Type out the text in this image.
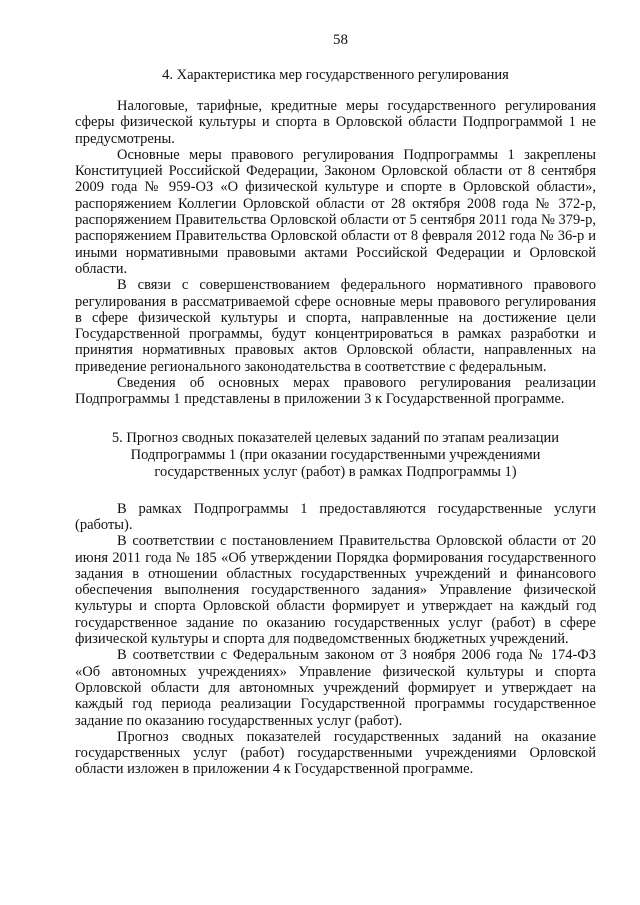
58
4. Характеристика мер государственного регулирования

Налоговые, тарифные, кредитные меры государственного регулирования сферы физической культуры и спорта в Орловской области Подпрограммой 1 не предусмотрены.

Основные меры правового регулирования Подпрограммы 1 закреплены Конституцией Российской Федерации, Законом Орловской области от 8 сентября 2009 года № 959-ОЗ «О физической культуре и спорте в Орловской области», распоряжением Коллегии Орловской области от 28 октября 2008 года № 372-р, распоряжением Правительства Орловской области от 5 сентября 2011 года № 379-р, распоряжением Правительства Орловской области от 8 февраля 2012 года № 36-р и иными нормативными правовыми актами Российской Федерации и Орловской области.

В связи с совершенствованием федерального нормативного правового регулирования в рассматриваемой сфере основные меры правового регулирования в сфере физической культуры и спорта, направленные на достижение цели Государственной программы, будут концентрироваться в рамках разработки и принятия нормативных правовых актов Орловской области, направленных на приведение регионального законодательства в соответствие с федеральным.

Сведения об основных мерах правового регулирования реализации Подпрограммы 1 представлены в приложении 3 к Государственной программе.

5. Прогноз сводных показателей целевых заданий по этапам реализации
Подпрограммы 1 (при оказании государственными учреждениями
государственных услуг (работ) в рамках Подпрограммы 1)

В рамках Подпрограммы 1 предоставляются государственные услуги (работы).

В соответствии с постановлением Правительства Орловской области от 20 июня 2011 года № 185 «Об утверждении Порядка формирования государственного задания в отношении областных государственных учреждений и финансового обеспечения выполнения государственного задания» Управление физической культуры и спорта Орловской области формирует и утверждает на каждый год государственное задание по оказанию государственных услуг (работ) в сфере физической культуры и спорта для подведомственных бюджетных учреждений.

В соответствии с Федеральным законом от 3 ноября 2006 года № 174-ФЗ «Об автономных учреждениях» Управление физической культуры и спорта Орловской области для автономных учреждений формирует и утверждает на каждый год периода реализации Государственной программы государственное задание по оказанию государственных услуг (работ).

Прогноз сводных показателей государственных заданий на оказание государственных услуг (работ) государственными учреждениями Орловской области изложен в приложении 4 к Государственной программе.
